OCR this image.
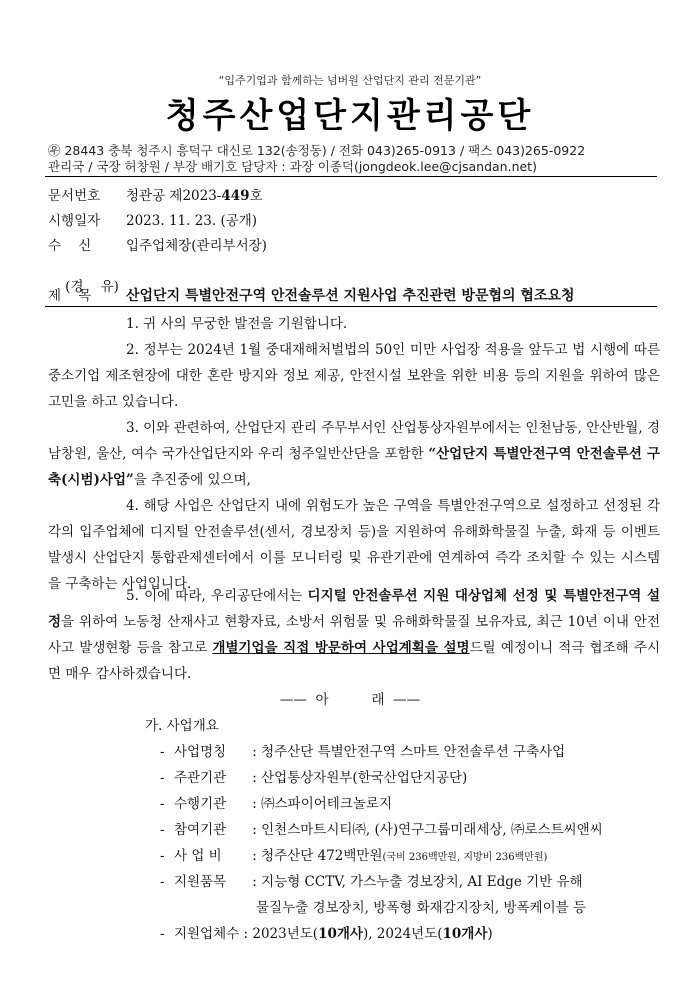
“입주기업과 함께하는 넘버원 산업단지 관리 전문기관”
청주산업단지관리공단
㉾ 28443 충북 청주시 흥덕구 대신로 132(송정동) / 전화 043)265-0913 / 팩스 043)265-0922
관리국 / 국장 허창원 / 부장 배기호 담당자 : 과장 이종덕(jongdeok.lee@cjsandan.net)
문서번호 청관공 제2023-449호
시행일자 2023. 11. 23. (공개)
수    신	입주업체장(관리부서장)

(경    유)

제    목 산업단지 특별안전구역 안전솔루션 지원사업 추진관련 방문협의 협조요청
1. 귀 사의 무궁한 발전을 기원합니다.
2. 정부는 2024년 1월 중대재해처벌법의 50인 미만 사업장 적용을 앞두고 법 시행에 따른 중소기업 제조현장에 대한 혼란 방지와 정보 제공, 안전시설 보완을 위한 비용 등의 지원을 위하여 많은 고민을 하고 있습니다.
3. 이와 관련하여, 산업단지 관리 주무부서인 산업통상자원부에서는 인천남동, 안산반월, 경남창원, 울산, 여수 국가산업단지와 우리 청주일반산단을 포함한 “산업단지 특별안전구역 안전솔루션 구축(시범)사업”을 추진중에 있으며,
4. 해당 사업은 산업단지 내에 위험도가 높은 구역을 특별안전구역으로 설정하고 선정된 각각의 입주업체에 디지털 안전솔루션(센서, 경보장치 등)을 지원하여 유해화학물질 누출, 화재 등 이벤트 발생시 산업단지 통합관제센터에서 이를 모니터링 및 유관기관에 연계하여 즉각 조치할 수 있는 시스템을 구축하는 사업입니다.
5. 이에 따라, 우리공단에서는 디지털 안전솔루션 지원 대상업체 선정 및 특별안전구역 설정을 위하여 노동청 산재사고 현황자료, 소방서 위험물 및 유해화학물질 보유자료, 최근 10년 이내 안전사고 발생현황 등을 참고로 개별기업을 직접 방문하여 사업계획을 설명드릴 예정이니 적극 협조해 주시면 매우 감사하겠습니다.
——  아          래  ——
가. 사업개요
- 사업명칭 : 청주산단 특별안전구역 스마트 안전솔루션 구축사업
- 주관기관 : 산업통상자원부(한국산업단지공단)
- 수행기관 : ㈜스파이어테크놀로지
- 참여기관 : 인천스마트시티㈜, (사)연구그룹미래세상, ㈜로스트씨앤씨
- 사 업 비 : 청주산단 472백만원(국비 236백만원, 지방비 236백만원)
- 지원품목 : 지능형 CCTV, 가스누출 경보장치, AI Edge 기반 유해
물질누출 경보장치, 방폭형 화재감지장치, 방폭케이블 등
- 지원업체수 : 2023년도(10개사), 2024년도(10개사)
